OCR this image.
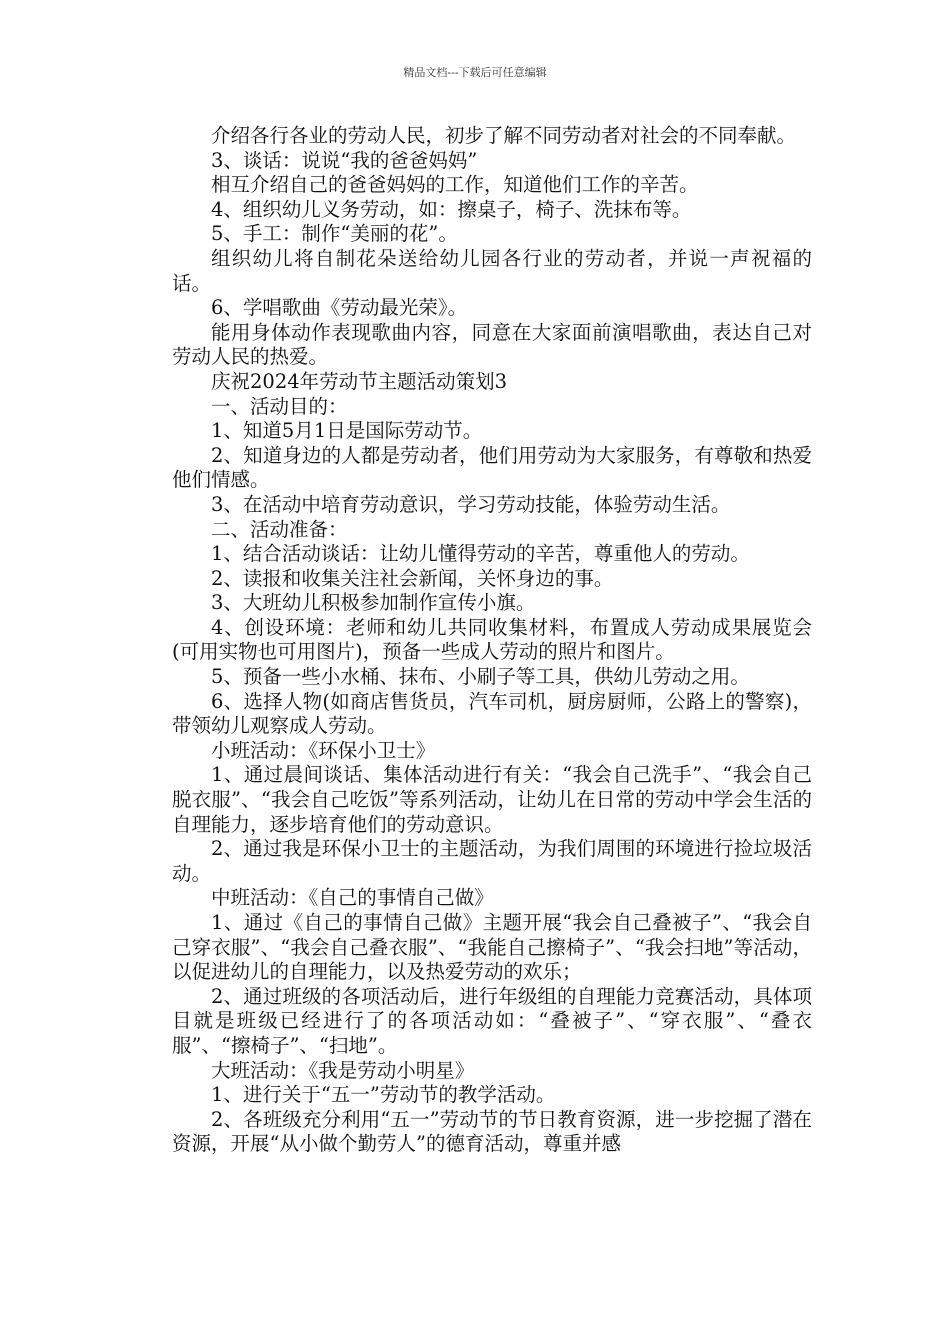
精品文档---下载后可任意编辑

介绍各行各业的劳动人民，初步了解不同劳动者对社会的不同奉献。

3、谈话：说说“我的爸爸妈妈”

相互介绍自己的爸爸妈妈的工作，知道他们工作的辛苦。

4、组织幼儿义务劳动，如：擦桌子，椅子、洗抹布等。

5、手工：制作“美丽的花”。

组织幼儿将自制花朵送给幼儿园各行业的劳动者，并说一声祝福的话。

6、学唱歌曲《劳动最光荣》。

能用身体动作表现歌曲内容，同意在大家面前演唱歌曲，表达自己对劳动人民的热爱。

庆祝2024年劳动节主题活动策划3

一、活动目的：

1、知道5月1日是国际劳动节。

2、知道身边的人都是劳动者，他们用劳动为大家服务，有尊敬和热爱他们情感。

3、在活动中培育劳动意识，学习劳动技能，体验劳动生活。

二、活动准备：

1、结合活动谈话：让幼儿懂得劳动的辛苦，尊重他人的劳动。

2、读报和收集关注社会新闻，关怀身边的事。

3、大班幼儿积极参加制作宣传小旗。

4、创设环境：老师和幼儿共同收集材料，布置成人劳动成果展览会(可用实物也可用图片)，预备一些成人劳动的照片和图片。

5、预备一些小水桶、抹布、小刷子等工具，供幼儿劳动之用。

6、选择人物(如商店售货员，汽车司机，厨房厨师，公路上的警察)，带领幼儿观察成人劳动。

小班活动：《环保小卫士》

1、通过晨间谈话、集体活动进行有关：“我会自己洗手”、“我会自己脱衣服”、“我会自己吃饭”等系列活动，让幼儿在日常的劳动中学会生活的自理能力，逐步培育他们的劳动意识。

2、通过我是环保小卫士的主题活动，为我们周围的环境进行捡垃圾活动。

中班活动：《自己的事情自己做》

1、通过《自己的事情自己做》主题开展“我会自己叠被子”、“我会自己穿衣服”、“我会自己叠衣服”、“我能自己擦椅子”、“我会扫地”等活动，以促进幼儿的自理能力，以及热爱劳动的欢乐；

2、通过班级的各项活动后，进行年级组的自理能力竞赛活动，具体项目就是班级已经进行了的各项活动如：“叠被子”、“穿衣服”、“叠衣服”、“擦椅子”、“扫地”。

大班活动：《我是劳动小明星》

1、进行关于“五一”劳动节的教学活动。

2、各班级充分利用“五一”劳动节的节日教育资源，进一步挖掘了潜在资源，开展“从小做个勤劳人”的德育活动，尊重并感
